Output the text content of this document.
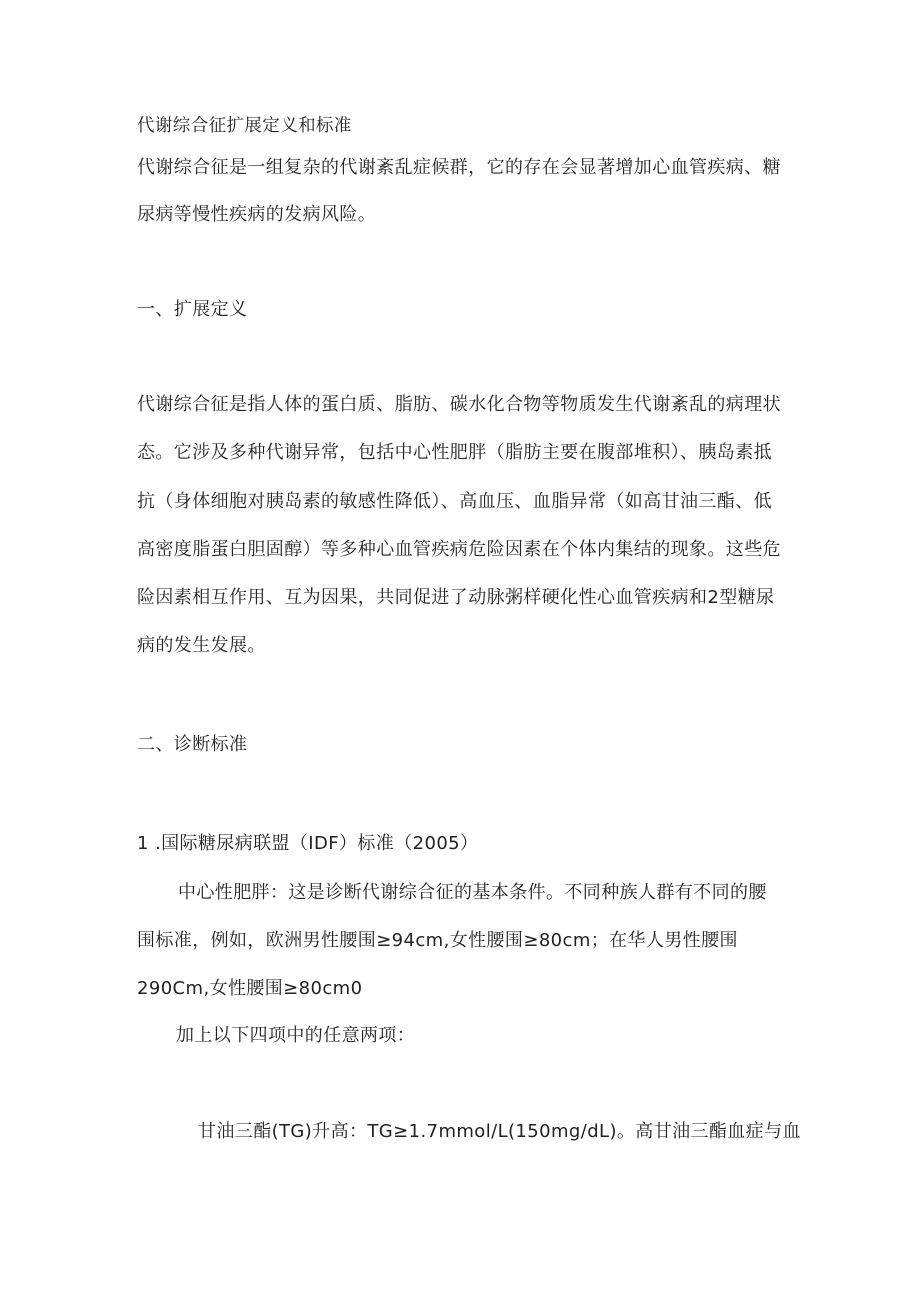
代谢综合征扩展定义和标准
代谢综合征是一组复杂的代谢紊乱症候群，它的存在会显著增加心血管疾病、糖
尿病等慢性疾病的发病风险。
一、扩展定义
代谢综合征是指人体的蛋白质、脂肪、碳水化合物等物质发生代谢紊乱的病理状
态。它涉及多种代谢异常，包括中心性肥胖（脂肪主要在腹部堆积）、胰岛素抵
抗（身体细胞对胰岛素的敏感性降低）、高血压、血脂异常（如高甘油三酯、低
高密度脂蛋白胆固醇）等多种心血管疾病危险因素在个体内集结的现象。这些危
险因素相互作用、互为因果，共同促进了动脉粥样硬化性心血管疾病和2型糖尿
病的发生发展。
二、诊断标准
1 .国际糖尿病联盟（IDF）标准（2005）
中心性肥胖：这是诊断代谢综合征的基本条件。不同种族人群有不同的腰
围标准，例如，欧洲男性腰围≥94cm,女性腰围≥80cm；在华人男性腰围
290Cm,女性腰围≥80cm0
加上以下四项中的任意两项：
甘油三酯(TG)升高：TG≥1.7mmol∕L(150mg∕dL)。高甘油三酯血症与血
